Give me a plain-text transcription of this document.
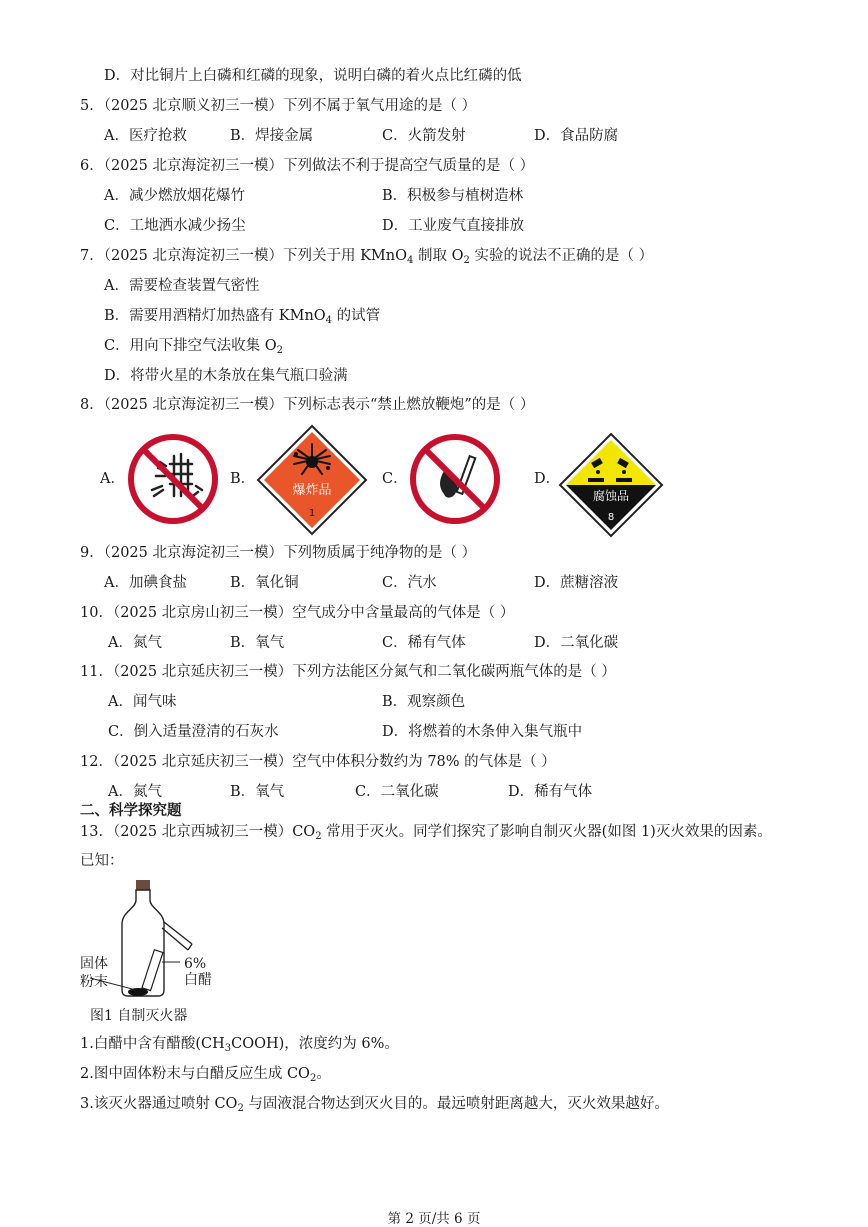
D．对比铜片上白磷和红磷的现象，说明白磷的着火点比红磷的低
5．（2025 北京顺义初三一模）下列不属于氧气用途的是（ ）
A．医疗抢救	B．焊接金属	C．火箭发射	D．食品防腐
6．（2025 北京海淀初三一模）下列做法不利于提高空气质量的是（ ）
A．减少燃放烟花爆竹	B．积极参与植树造林
C．工地洒水减少扬尘	D．工业废气直接排放
7．（2025 北京海淀初三一模）下列关于用 KMnO$_4$ 制取 $O_2$ 实验的说法不正确的是（ ）
A．需要检查装置气密性
B．需要用酒精灯加热盛有 KMnO$_4$ 的试管
C．用向下排空气法收集 $O_2$
D．将带火星的木条放在集气瓶口验满
8．（2025 北京海淀初三一模）下列标志表示“禁止燃放鞭炮”的是（ ）
A．	B．
爆炸品
1
C．	D．
腐蚀品
8
9．（2025 北京海淀初三一模）下列物质属于纯净物的是（ ）
A．加碘食盐	B．氧化铜	C．汽水	D．蔗糖溶液
10．（2025 北京房山初三一模）空气成分中含量最高的气体是（ ）
A．氮气	B．氧气	C．稀有气体	D．二氧化碳
11．（2025 北京延庆初三一模）下列方法能区分氮气和二氧化碳两瓶气体的是（ ）
A．闻气味	B．观察颜色
C．倒入适量澄清的石灰水	D．将燃着的木条伸入集气瓶中
12．（2025 北京延庆初三一模）空气中体积分数约为 78% 的气体是（ ）
A．氮气	B．氧气	C．二氧化碳	D．稀有气体
二、科学探究题
13．（2025 北京西城初三一模）$CO_2$ 常用于灭火。同学们探究了影响自制灭火器(如图 1)灭火效果的因素。
已知：
固体
粉末
6%
白醋
图1 自制灭火器
1.白醋中含有醋酸$(CH_3COOH)$，浓度约为 6%。
2.图中固体粉末与白醋反应生成 $CO_2$。
3.该灭火器通过喷射 $CO_2$ 与固液混合物达到灭火目的。最远喷射距离越大，灭火效果越好。
第 2 页/共 6 页
